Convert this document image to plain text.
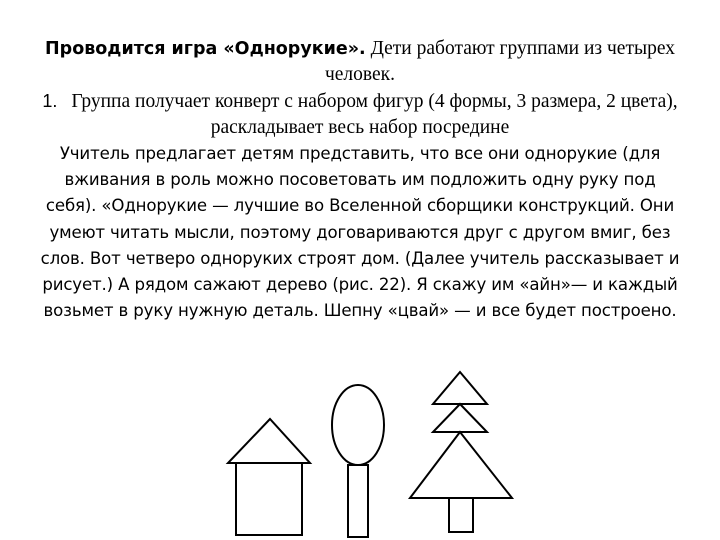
Проводится игра «Однорукие». Дети работают группами из четырех человек.

1. Группа получает конверт с набором фигур (4 формы, 3 размера, 2 цвета), раскладывает весь набор посредине

Учитель предлагает детям представить, что все они однорукие (для вживания в роль можно посоветовать им подложить одну руку под себя). «Однорукие — лучшие во Вселенной сборщики конструкций. Они умеют читать мысли, поэтому договариваются друг с другом вмиг, без слов. Вот четверо одноруких строят дом. (Далее учитель рассказывает и рисует.) А рядом сажают дерево (рис. 22). Я скажу им «айн»— и каждый возьмет в руку нужную деталь. Шепну «цвай» — и все будет построено.
